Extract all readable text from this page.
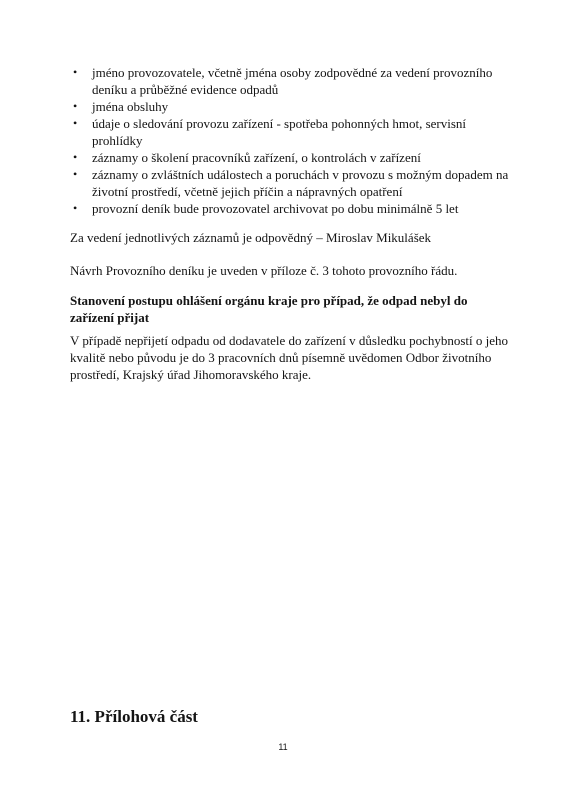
• jméno provozovatele, včetně jména osoby zodpovědné za vedení provozního deníku a průběžné evidence odpadů
• jména obsluhy
• údaje o sledování provozu zařízení - spotřeba pohonných hmot, servisní prohlídky
• záznamy o školení pracovníků zařízení, o kontrolách v zařízení
• záznamy o zvláštních událostech a poruchách v provozu s možným dopadem na životní prostředí, včetně jejich příčin a nápravných opatření
• provozní deník bude provozovatel archivovat po dobu minimálně 5 let

Za vedení jednotlivých záznamů je odpovědný – Miroslav Mikulášek

Návrh Provozního deníku je uveden v příloze č. 3 tohoto provozního řádu.

Stanovení postupu ohlášení orgánu kraje pro případ, že odpad nebyl do zařízení přijat

V případě nepřijetí odpadu od dodavatele do zařízení v důsledku pochybností o jeho kvalitě nebo původu je do 3 pracovních dnů písemně uvědomen Odbor životního prostředí, Krajský úřad Jihomoravského kraje.

11. Přílohová část
11
